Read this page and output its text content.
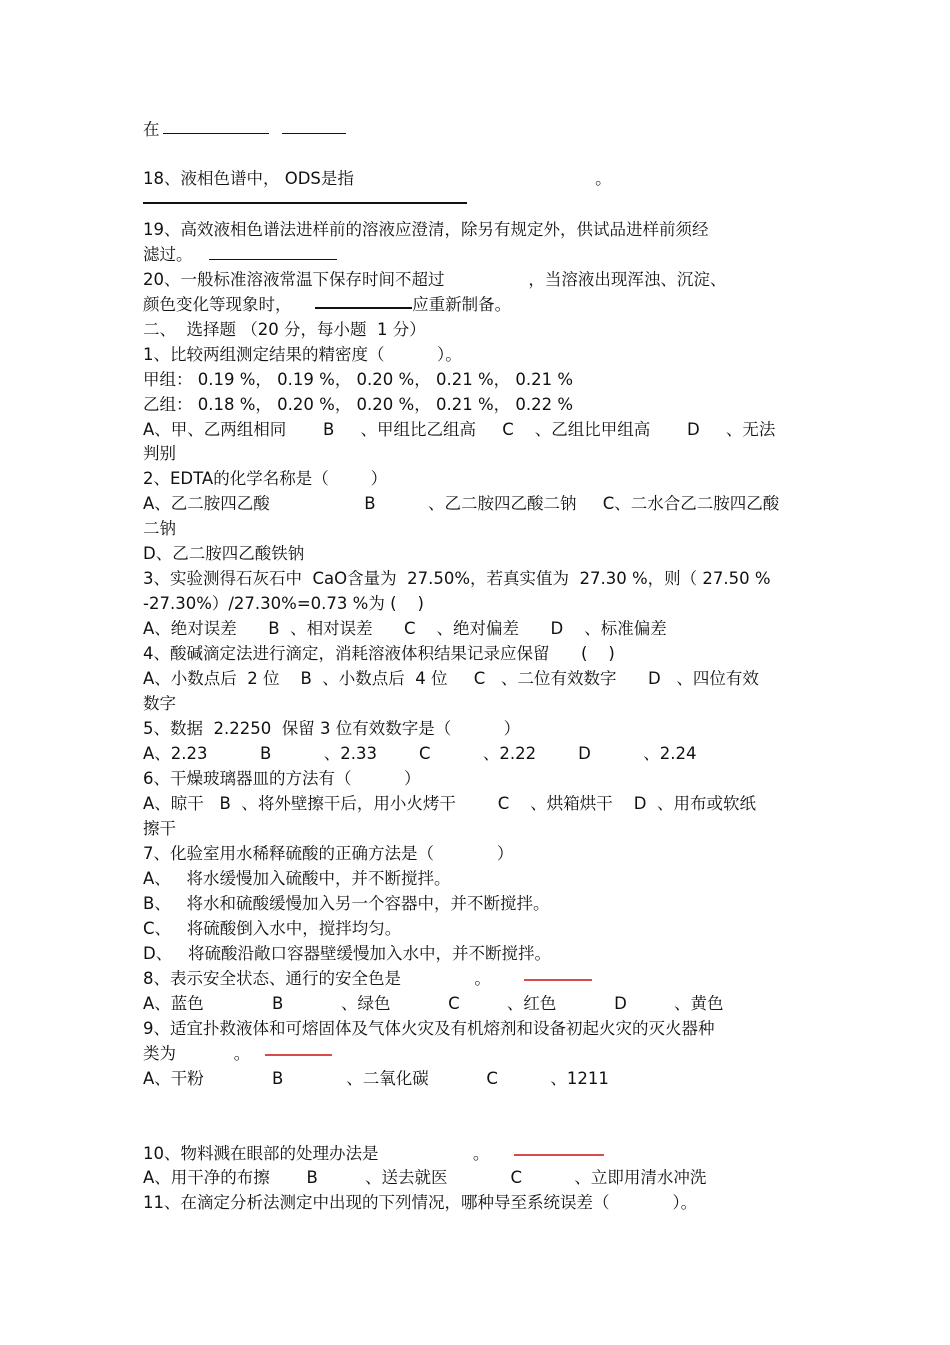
在

18、液相色谱中， ODS是指                                              。

19、高效液相色谱法进样前的溶液应澄清，除另有规定外，供试品进样前须经

滤过。

20、一般标准溶液常温下保存时间不超过                ，当溶液出现浑浊、沉淀、

颜色变化等现象时，                       应重新制备。

二、  选择题 （20 分，每小题  1 分）

1、比较两组测定结果的精密度（          ）。

甲组： 0.19 %， 0.19 %， 0.20 %， 0.21 %， 0.21 %

乙组： 0.18 %， 0.20 %， 0.20 %， 0.21 %， 0.22 %

A、甲、乙两组相同       B     、甲组比乙组高     C    、乙组比甲组高       D     、无法

判别

2、EDTA的化学名称是（        ）

A、乙二胺四乙酸                  B          、乙二胺四乙酸二钠     C、二水合乙二胺四乙酸

二钠

D、乙二胺四乙酸铁钠

3、实验测得石灰石中  CaO含量为  27.50%，若真实值为  27.30 %，则（ 27.50 %

-27.30%）/27.30%=0.73 %为 (    )

A、绝对误差      B  、相对误差      C    、绝对偏差      D    、标准偏差

4、酸碱滴定法进行滴定，消耗溶液体积结果记录应保留      (    )

A、小数点后  2 位    B  、小数点后  4 位     C   、二位有效数字      D   、四位有效

数字

5、数据  2.2250  保留 3 位有效数字是（          ）

A、2.23          B          、2.33        C          、2.22        D          、2.24

6、干燥玻璃器皿的方法有（          ）

A、晾干   B  、将外壁擦干后，用小火烤干        C    、烘箱烘干    D  、用布或软纸

擦干

7、化验室用水稀释硫酸的正确方法是（            ）

A、   将水缓慢加入硫酸中，并不断搅拌。

B、   将水和硫酸缓慢加入另一个容器中，并不断搅拌。

C、   将硫酸倒入水中，搅拌均匀。

D、   将硫酸沿敞口容器壁缓慢加入水中，并不断搅拌。

8、表示安全状态、通行的安全色是              。

A、蓝色             B           、绿色           C         、红色           D         、黄色

9、适宜扑救液体和可熔固体及气体火灾及有机熔剂和设备初起火灾的灭火器种

类为           。

A、干粉             B            、二氧化碳           C          、1211

10、物料溅在眼部的处理办法是                  。

A、用干净的布擦       B         、送去就医            C          、立即用清水冲洗

11、在滴定分析法测定中出现的下列情况，哪种导至系统误差（            ）。
